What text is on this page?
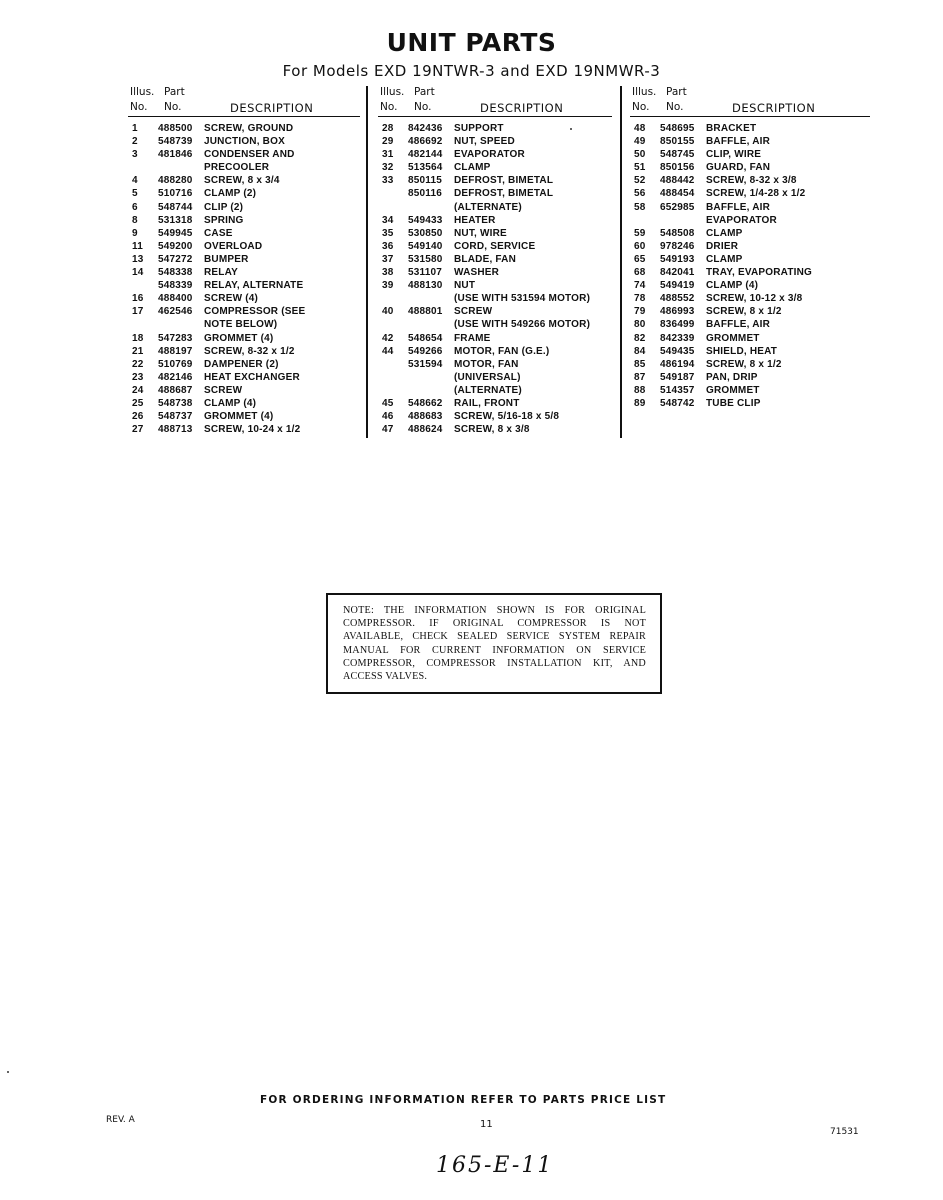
UNIT PARTS
For Models EXD 19NTWR-3 and EXD 19NMWR-3
Illus.
No.
Part
No.	DESCRIPTION
1 488500 SCREW, GROUND
2 548739 JUNCTION, BOX
3 481846 CONDENSER AND
PRECOOLER
4 488280 SCREW, 8 x 3/4
5 510716 CLAMP (2)
6 548744 CLIP (2)
8 531318 SPRING
9 549945 CASE
11 549200 OVERLOAD
13 547272 BUMPER
14 548338 RELAY
548339 RELAY, ALTERNATE
16 488400 SCREW (4)
17 462546 COMPRESSOR (SEE
NOTE BELOW)
18 547283 GROMMET (4)
21 488197 SCREW, 8-32 x 1/2
22 510769 DAMPENER (2)
23 482146 HEAT EXCHANGER
24 488687 SCREW
25 548738 CLAMP (4)
26 548737 GROMMET (4)
27 488713 SCREW, 10-24 x 1/2
Illus.
No.
Part
No.	DESCRIPTION
28 842436 SUPPORT
29 486692 NUT, SPEED
31 482144 EVAPORATOR
32 513564 CLAMP
33 850115 DEFROST, BIMETAL
850116 DEFROST, BIMETAL
(ALTERNATE)
34 549433 HEATER
35 530850 NUT, WIRE
36 549140 CORD, SERVICE
37 531580 BLADE, FAN
38 531107 WASHER
39 488130 NUT
(USE WITH 531594 MOTOR)
40 488801 SCREW
(USE WITH 549266 MOTOR)
42 548654 FRAME
44 549266 MOTOR, FAN (G.E.)
531594 MOTOR, FAN
(UNIVERSAL)
(ALTERNATE)
45 548662 RAIL, FRONT
46 488683 SCREW, 5/16-18 x 5/8
47 488624 SCREW, 8 x 3/8
Illus.
No.
Part
No.	DESCRIPTION
48 548695 BRACKET
49 850155 BAFFLE, AIR
50 548745 CLIP, WIRE
51 850156 GUARD, FAN
52 488442 SCREW, 8-32 x 3/8
56 488454 SCREW, 1/4-28 x 1/2
58 652985 BAFFLE, AIR
EVAPORATOR
59 548508 CLAMP
60 978246 DRIER
65 549193 CLAMP
68 842041 TRAY, EVAPORATING
74 549419 CLAMP (4)
78 488552 SCREW, 10-12 x 3/8
79 486993 SCREW, 8 x 1/2
80 836499 BAFFLE, AIR
82 842339 GROMMET
84 549435 SHIELD, HEAT
85 486194 SCREW, 8 x 1/2
87 549187 PAN, DRIP
88 514357 GROMMET
89 548742 TUBE CLIP

NOTE: THE INFORMATION SHOWN IS FOR ORIGINAL COMPRESSOR. IF ORIGINAL COMPRESSOR IS NOT AVAILABLE, CHECK SEALED SERVICE SYSTEM REPAIR MANUAL FOR CURRENT INFORMATION ON SERVICE COMPRESSOR, COMPRESSOR INSTALLATION KIT, AND ACCESS VALVES.

FOR ORDERING INFORMATION REFER TO PARTS PRICE LIST
REV. A	11
71531
165-E-11
